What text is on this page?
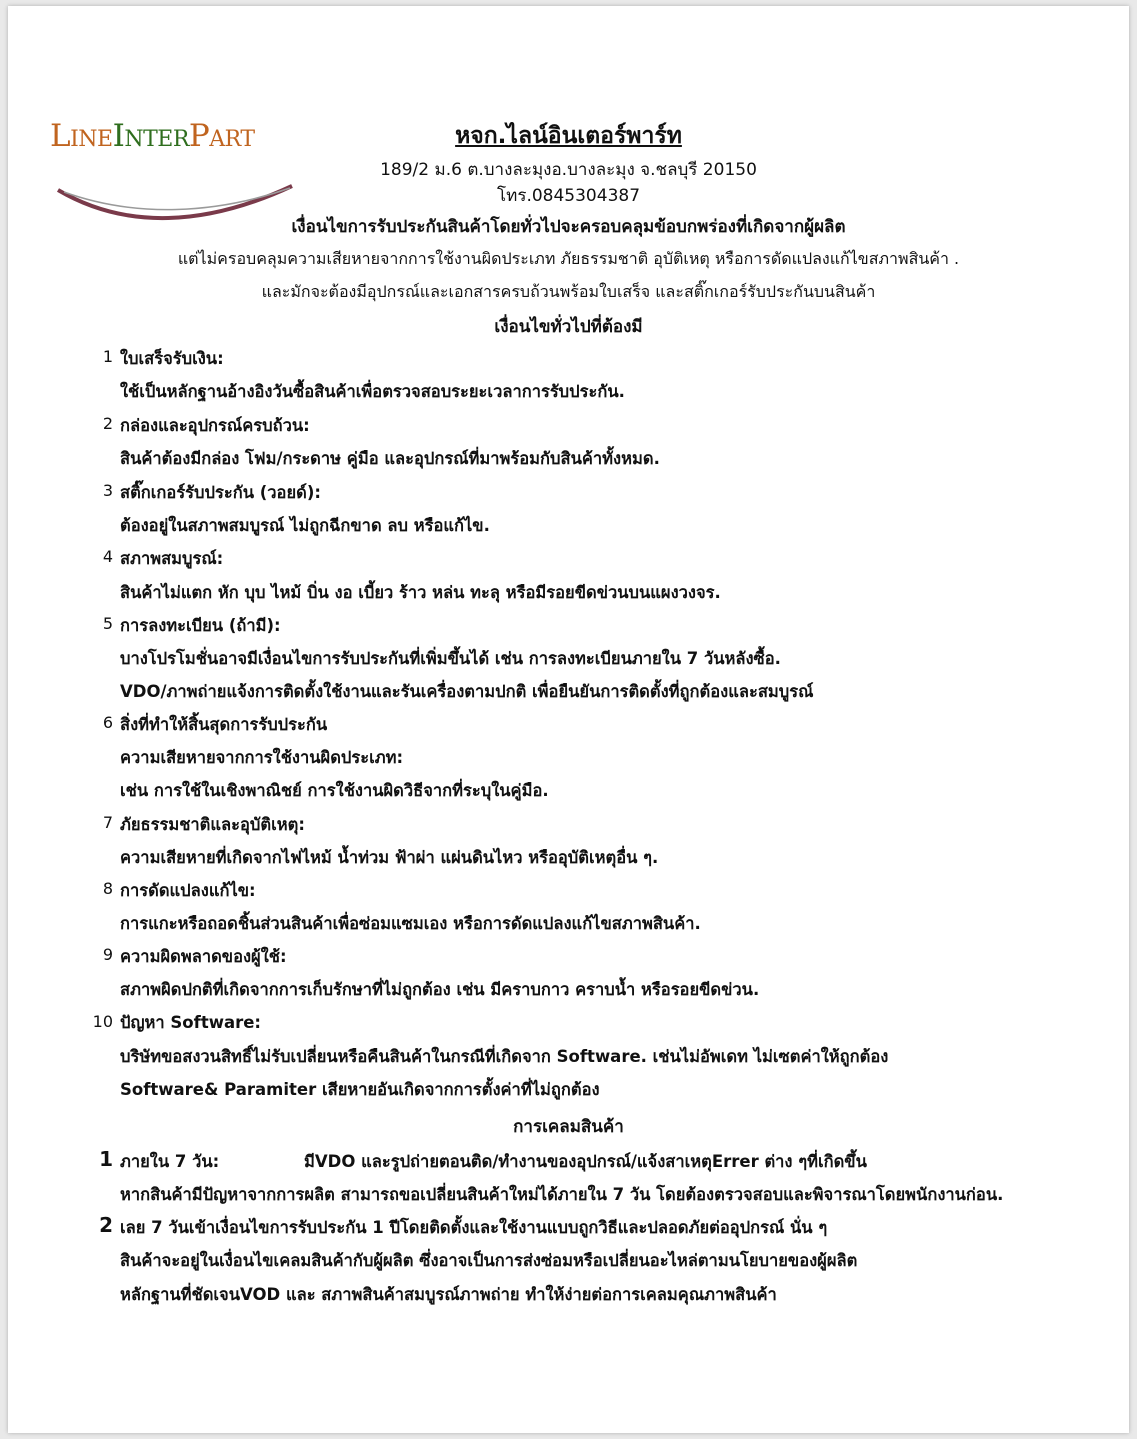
LineInterPart	หจก.ไลน์อินเตอร์พาร์ท
189/2 ม.6 ต.บางละมุงอ.บางละมุง จ.ชลบุรี 20150
โทร.0845304387
เงื่อนไขการรับประกันสินค้าโดยทั่วไปจะครอบคลุมข้อบกพร่องที่เกิดจากผู้ผลิต
แต่ไม่ครอบคลุมความเสียหายจากการใช้งานผิดประเภท ภัยธรรมชาติ อุบัติเหตุ หรือการดัดแปลงแก้ไขสภาพสินค้า .
และมักจะต้องมีอุปกรณ์และเอกสารครบถ้วนพร้อมใบเสร็จ และสติ๊กเกอร์รับประกันบนสินค้า
เงื่อนไขทั่วไปที่ต้องมี
1 ใบเสร็จรับเงิน:
ใช้เป็นหลักฐานอ้างอิงวันซื้อสินค้าเพื่อตรวจสอบระยะเวลาการรับประกัน.
2 กล่องและอุปกรณ์ครบถ้วน:
สินค้าต้องมีกล่อง โฟม/กระดาษ คู่มือ และอุปกรณ์ที่มาพร้อมกับสินค้าทั้งหมด.
3 สติ๊กเกอร์รับประกัน (วอยด์):
ต้องอยู่ในสภาพสมบูรณ์ ไม่ถูกฉีกขาด ลบ หรือแก้ไข.
4 สภาพสมบูรณ์:
สินค้าไม่แตก หัก บุบ ไหม้ บิ่น งอ เบี้ยว ร้าว หล่น ทะลุ หรือมีรอยขีดข่วนบนแผงวงจร.
5 การลงทะเบียน (ถ้ามี):
บางโปรโมชั่นอาจมีเงื่อนไขการรับประกันที่เพิ่มขึ้นได้ เช่น การลงทะเบียนภายใน 7 วันหลังซื้อ.
VDO/ภาพถ่ายแจ้งการติดตั้งใช้งานและรันเครื่องตามปกติ เพื่อยืนยันการติดตั้งที่ถูกต้องและสมบูรณ์
6 สิ่งที่ทำให้สิ้นสุดการรับประกัน
ความเสียหายจากการใช้งานผิดประเภท:
เช่น การใช้ในเชิงพาณิชย์ การใช้งานผิดวิธีจากที่ระบุในคู่มือ.
7 ภัยธรรมชาติและอุบัติเหตุ:
ความเสียหายที่เกิดจากไฟไหม้ น้ำท่วม ฟ้าผ่า แผ่นดินไหว หรืออุบัติเหตุอื่น ๆ.
8 การดัดแปลงแก้ไข:
การแกะหรือถอดชิ้นส่วนสินค้าเพื่อซ่อมแซมเอง หรือการดัดแปลงแก้ไขสภาพสินค้า.
9 ความผิดพลาดของผู้ใช้:
สภาพผิดปกติที่เกิดจากการเก็บรักษาที่ไม่ถูกต้อง เช่น มีคราบกาว คราบน้ำ หรือรอยขีดข่วน.
10 ปัญหา Software:
บริษัทขอสงวนสิทธิ์ไม่รับเปลี่ยนหรือคืนสินค้าในกรณีที่เกิดจาก Software. เช่นไม่อัพเดท ไม่เซตค่าให้ถูกต้อง
Software& Paramiter เสียหายอันเกิดจากการตั้งค่าที่ไม่ถูกต้อง
การเคลมสินค้า
1 ภายใน 7 วัน:	มีVDO และรูปถ่ายตอนติด/ทำงานของอุปกรณ์/แจ้งสาเหตุErrer ต่าง ๆที่เกิดขึ้น
หากสินค้ามีปัญหาจากการผลิต สามารถขอเปลี่ยนสินค้าใหม่ได้ภายใน 7 วัน โดยต้องตรวจสอบและพิจารณาโดยพนักงานก่อน.
2 เลย 7 วันเข้าเงื่อนไขการรับประกัน 1 ปีโดยติดตั้งและใช้งานแบบถูกวิธีและปลอดภัยต่ออุปกรณ์ นั่น ๆ
สินค้าจะอยู่ในเงื่อนไขเคลมสินค้ากับผู้ผลิต ซึ่งอาจเป็นการส่งซ่อมหรือเปลี่ยนอะไหล่ตามนโยบายของผู้ผลิต
หลักฐานที่ชัดเจนVOD และ สภาพสินค้าสมบูรณ์ภาพถ่าย ทำให้ง่ายต่อการเคลมคุณภาพสินค้า
